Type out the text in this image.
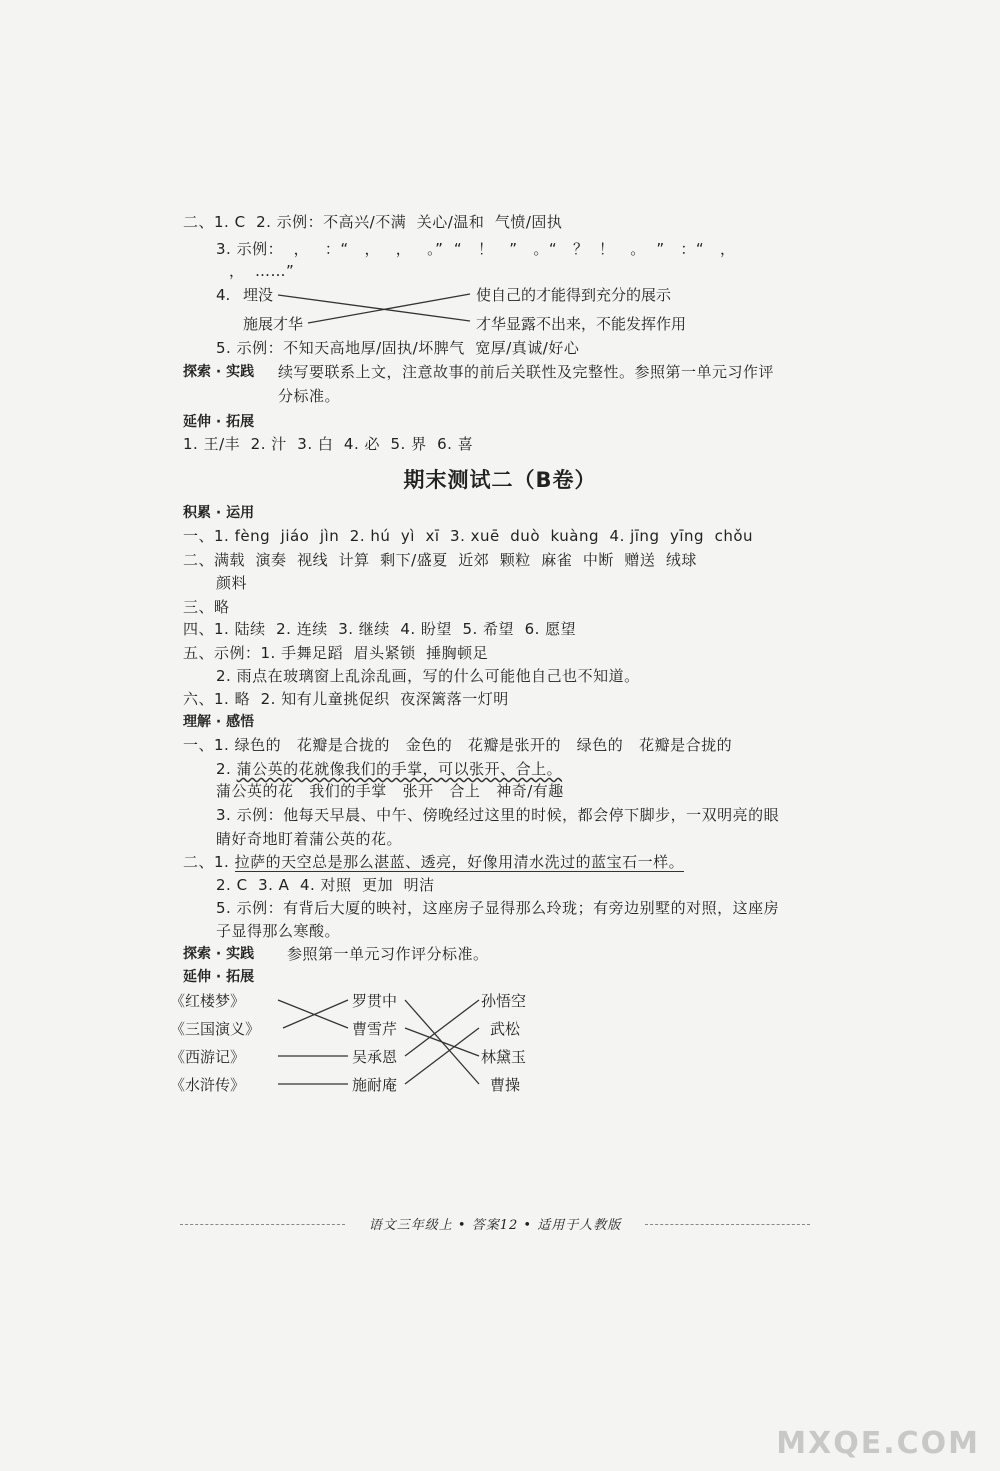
二、1. C  2. 示例：不高兴/不满  关心/温和  气愤/固执
3. 示例：  ，   ：“   ，   ，   。”  “   ！   ”   。“   ？  ！   。  ”   ：“   ，
，  ……”
4. 埋没
施展才华
使自己的才能得到充分的展示
才华显露不出来，不能发挥作用
5. 示例：不知天高地厚/固执/坏脾气  宽厚/真诚/好心
探索 · 实践 续写要联系上文，注意故事的前后关联性及完整性。参照第一单元习作评
分标准。
延伸 · 拓展
1. 王/丰  2. 汁  3. 白  4. 必  5. 界  6. 喜
期末测试二（B卷）
积累 · 运用
一、1. fèng  jiáo  jìn  2. hú  yì  xī  3. xuē  duò  kuàng  4. jīng  yīng  chǒu
二、满载  演奏  视线  计算  剩下/盛夏  近郊  颗粒  麻雀  中断  赠送  绒球
颜料
三、略
四、1. 陆续  2. 连续  3. 继续  4. 盼望  5. 希望  6. 愿望
五、示例：1. 手舞足蹈  眉头紧锁  捶胸顿足
2. 雨点在玻璃窗上乱涂乱画，写的什么可能他自己也不知道。
六、1. 略  2. 知有儿童挑促织  夜深篱落一灯明
理解 · 感悟
一、1. 绿色的   花瓣是合拢的   金色的   花瓣是张开的   绿色的   花瓣是合拢的
2. 蒲公英的花就像我们的手掌，可以张开、合上。
蒲公英的花   我们的手掌   张开   合上   神奇/有趣
3. 示例：他每天早晨、中午、傍晚经过这里的时候，都会停下脚步，一双明亮的眼
睛好奇地盯着蒲公英的花。
二、1. 拉萨的天空总是那么湛蓝、透亮，好像用清水洗过的蓝宝石一样。
2. C  3. A  4. 对照  更加  明洁
5. 示例：有背后大厦的映衬，这座房子显得那么玲珑；有旁边别墅的对照，这座房
子显得那么寒酸。
探索 · 实践 参照第一单元习作评分标准。
延伸 · 拓展
《红楼梦》
《三国演义》
《西游记》
《水浒传》
罗贯中
曹雪芹
吴承恩
施耐庵
孙悟空
武松
林黛玉
曹操
语文三年级上 • 答案12 • 适用于人教版
MXQE.COM
